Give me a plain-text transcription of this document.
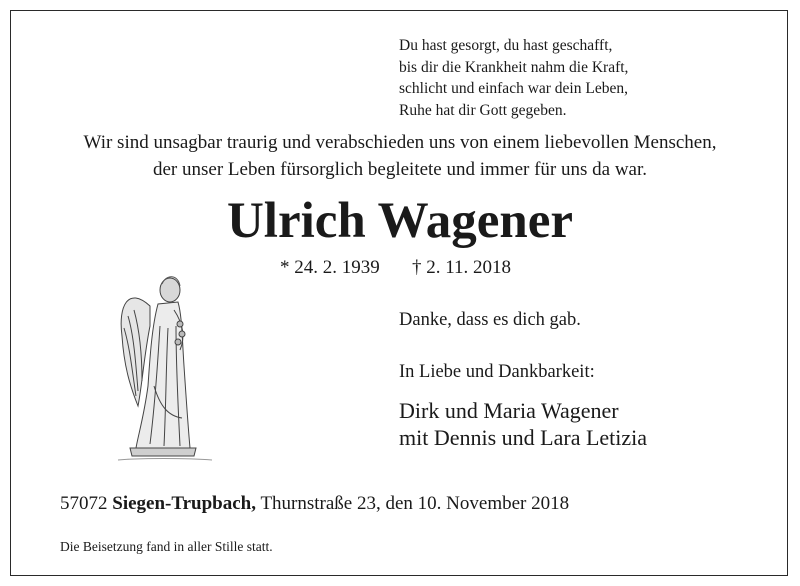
Du hast gesorgt, du hast geschafft,
bis dir die Krankheit nahm die Kraft,
schlicht und einfach war dein Leben,
Ruhe hat dir Gott gegeben.
Wir sind unsagbar traurig und verabschieden uns von einem liebevollen Menschen,
der unser Leben fürsorglich begleitete und immer für uns da war.
Ulrich Wagener
* 24. 2. 1939 † 2. 11. 2018
Danke, dass es dich gab.
In Liebe und Dankbarkeit:
Dirk und Maria Wagener
mit Dennis und Lara Letizia
57072 Siegen-Trupbach, Thurnstraße 23, den 10. November 2018
Die Beisetzung fand in aller Stille statt.
